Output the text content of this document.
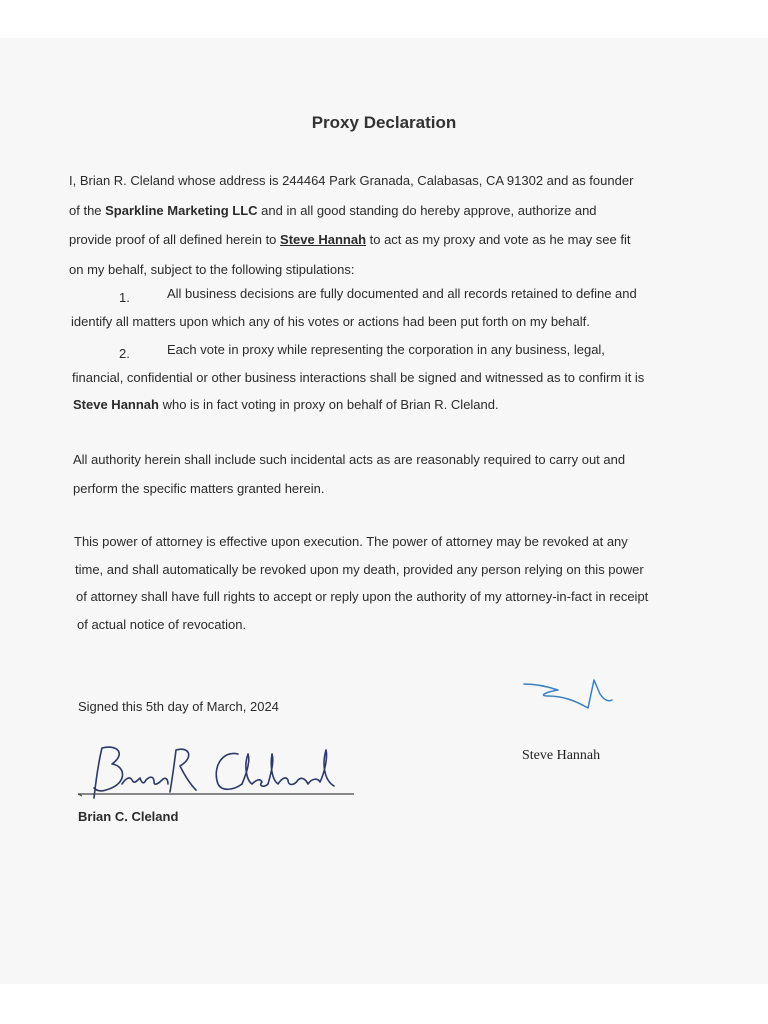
Proxy Declaration
I, Brian R. Cleland whose address is 244464 Park Granada, Calabasas, CA 91302 and as founder
of the Sparkline Marketing LLC and in all good standing do hereby approve, authorize and
provide proof of all defined herein to Steve Hannah to act as my proxy and vote as he may see fit
on my behalf, subject to the following stipulations:
1.	All business decisions are fully documented and all records retained to define and
identify all matters upon which any of his votes or actions had been put forth on my behalf.
2.	Each vote in proxy while representing the corporation in any business, legal,
financial, confidential or other business interactions shall be signed and witnessed as to confirm it is
Steve Hannah who is in fact voting in proxy on behalf of Brian R. Cleland.
All authority herein shall include such incidental acts as are reasonably required to carry out and
perform the specific matters granted herein.
This power of attorney is effective upon execution. The power of attorney may be revoked at any
time, and shall automatically be revoked upon my death, provided any person relying on this power
of attorney shall have full rights to accept or reply upon the authority of my attorney-in-fact in receipt
of actual notice of revocation.
Signed this 5th day of March, 2024
Brian C. Cleland
Steve Hannah
